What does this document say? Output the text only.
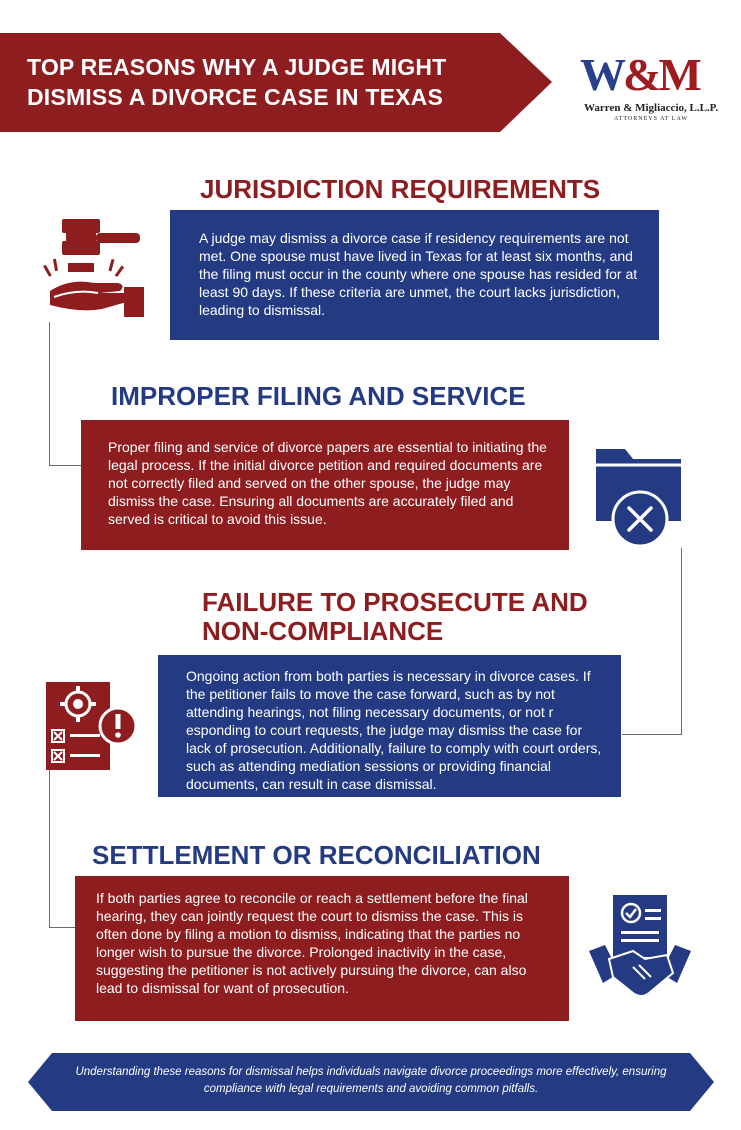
TOP REASONS WHY A JUDGE MIGHT
DISMISS A DIVORCE CASE IN TEXAS	W&M
Warren & Migliaccio, L.L.P.
ATTORNEYS AT LAW
JURISDICTION REQUIREMENTS
A judge may dismiss a divorce case if residency requirements are not met. One spouse must have lived in Texas for at least six months, and the filing must occur in the county where one spouse has resided for at least 90 days. If these criteria are unmet, the court lacks jurisdiction, leading to dismissal.
IMPROPER FILING AND SERVICE
Proper filing and service of divorce papers are essential to initiating the legal process. If the initial divorce petition and required documents are not correctly filed and served on the other spouse, the judge may dismiss the case. Ensuring all documents are accurately filed and served is critical to avoid this issue.
FAILURE TO PROSECUTE AND
NON-COMPLIANCE
Ongoing action from both parties is necessary in divorce cases. If the petitioner fails to move the case forward, such as by not attending hearings, not filing necessary documents, or not r esponding to court requests, the judge may dismiss the case for lack of prosecution. Additionally, failure to comply with court orders, such as attending mediation sessions or providing financial documents, can result in case dismissal.
SETTLEMENT OR RECONCILIATION
If both parties agree to reconcile or reach a settlement before the final hearing, they can jointly request the court to dismiss the case. This is often done by filing a motion to dismiss, indicating that the parties no longer wish to pursue the divorce. Prolonged inactivity in the case, suggesting the petitioner is not actively pursuing the divorce, can also lead to dismissal for want of prosecution.
Understanding these reasons for dismissal helps individuals navigate divorce proceedings more effectively, ensuring compliance with legal requirements and avoiding common pitfalls.
